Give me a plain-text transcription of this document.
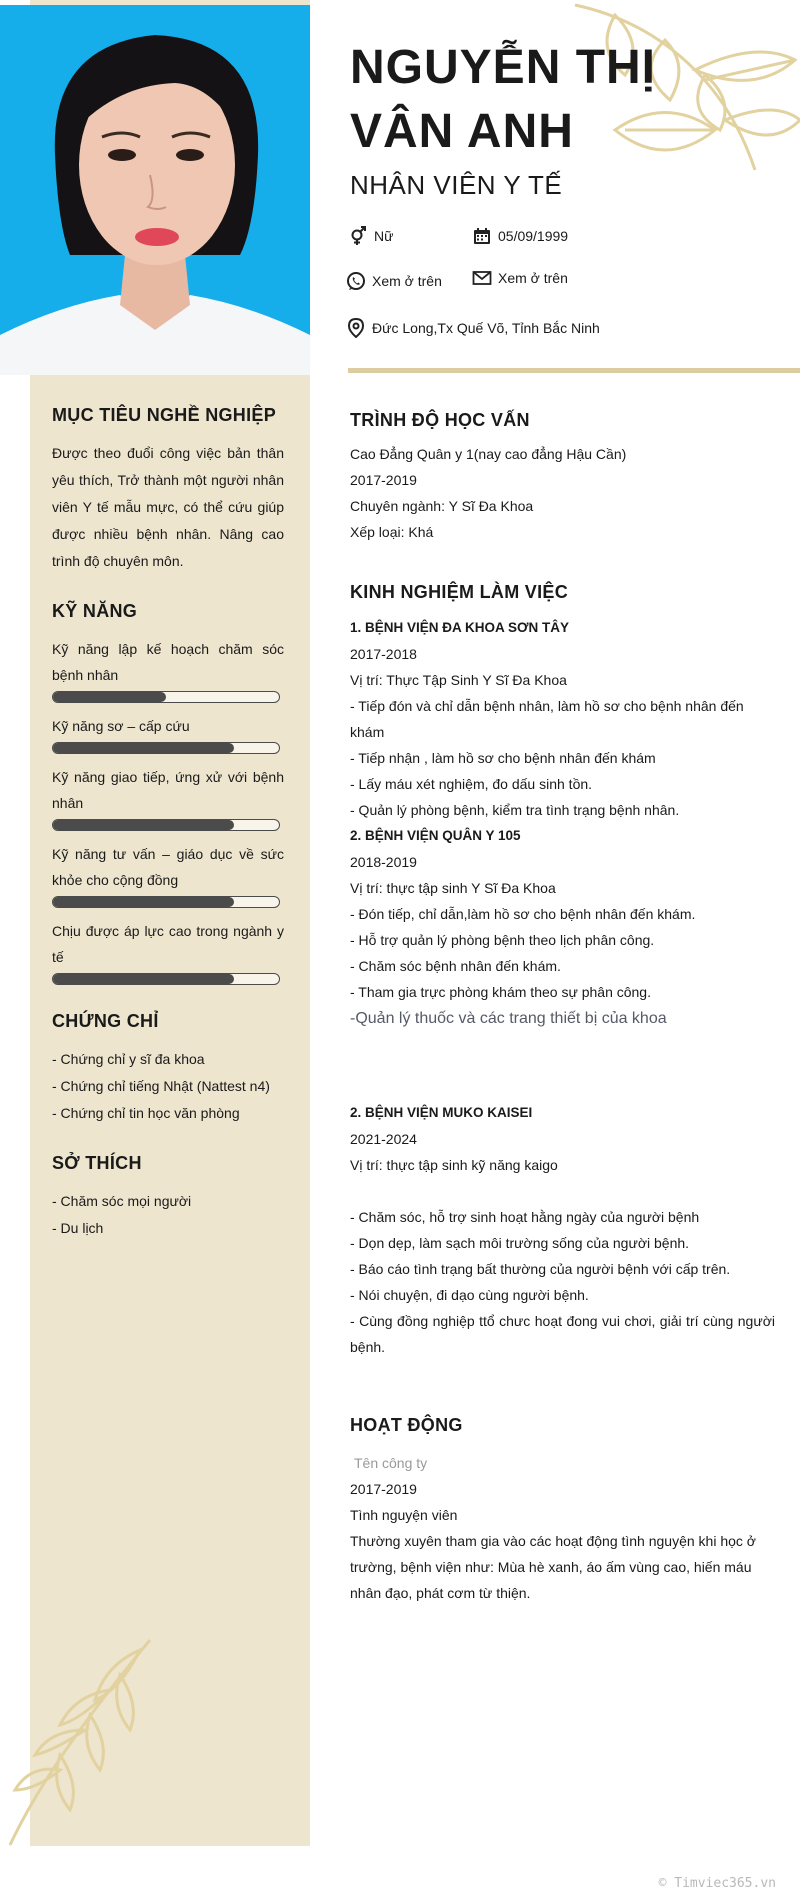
NGUYỄN THỊ VÂN ANH
NHÂN VIÊN Y TẾ
Nữ	05/09/1999
Xem ở trên	Xem ở trên
Đức Long,Tx Quế Võ, Tỉnh Bắc Ninh
MỤC TIÊU NGHỀ NGHIỆP
Được theo đuổi công việc bản thân yêu thích, Trở thành một người nhân viên Y tế mẫu mực, có thể cứu giúp được nhiều bệnh nhân. Nâng cao trình độ chuyên môn.
KỸ NĂNG
Kỹ năng lập kế hoạch chăm sóc bệnh nhân
Kỹ năng sơ – cấp cứu
Kỹ năng giao tiếp, ứng xử với bệnh nhân
Kỹ năng tư vấn – giáo dục về sức khỏe cho cộng đồng
Chịu được áp lực cao trong ngành y tế
CHỨNG CHỈ
- Chứng chỉ y sĩ đa khoa
- Chứng chỉ tiếng Nhật (Nattest n4)
- Chứng chỉ tin học văn phòng
SỞ THÍCH
- Chăm sóc mọi người
- Du lịch
TRÌNH ĐỘ HỌC VẤN
Cao Đẳng Quân y 1(nay cao đẳng Hậu Cần)
2017-2019
Chuyên ngành: Y Sĩ Đa Khoa
Xếp loại: Khá
KINH NGHIỆM LÀM VIỆC
1. BỆNH VIỆN ĐA KHOA SƠN TÂY
2017-2018
Vị trí: Thực Tập Sinh Y Sĩ Đa Khoa
- Tiếp đón và chỉ dẫn bệnh nhân, làm hồ sơ cho bệnh nhân đến khám
- Tiếp nhận , làm hồ sơ cho bệnh nhân đến khám
- Lấy máu xét nghiệm, đo dấu sinh tồn.
- Quản lý phòng bệnh, kiểm tra tình trạng bệnh nhân.
2. BỆNH VIỆN QUÂN Y 105
2018-2019
Vị trí: thực tập sinh Y Sĩ Đa Khoa
- Đón tiếp, chỉ dẫn,làm hồ sơ cho bệnh nhân đến khám.
- Hỗ trợ quản lý phòng bệnh theo lịch phân công.
- Chăm sóc bệnh nhân đến khám.
- Tham gia trực phòng khám theo sự phân công.
-Quản lý thuốc và các trang thiết bị của khoa
2. BỆNH VIỆN MUKO KAISEI
2021-2024
Vị trí: thực tập sinh kỹ năng kaigo
- Chăm sóc, hỗ trợ sinh hoạt hằng ngày của người bệnh
- Dọn dẹp, làm sạch môi trường sống của người bệnh.
- Báo cáo tình trạng bất thường của người bệnh với cấp trên.
- Nói chuyện, đi dạo cùng người bệnh.
- Cùng đồng nghiệp ttổ chưc hoạt đong vui chơi, giải trí cùng người bệnh.
HOẠT ĐỘNG
Tên công ty
2017-2019
Tình nguyện viên
Thường xuyên tham gia vào các hoạt động tình nguyện khi học ở trường, bệnh viện như: Mùa hè xanh, áo ấm vùng cao, hiến máu nhân đạo, phát cơm từ thiện.
© Timviec365.vn
